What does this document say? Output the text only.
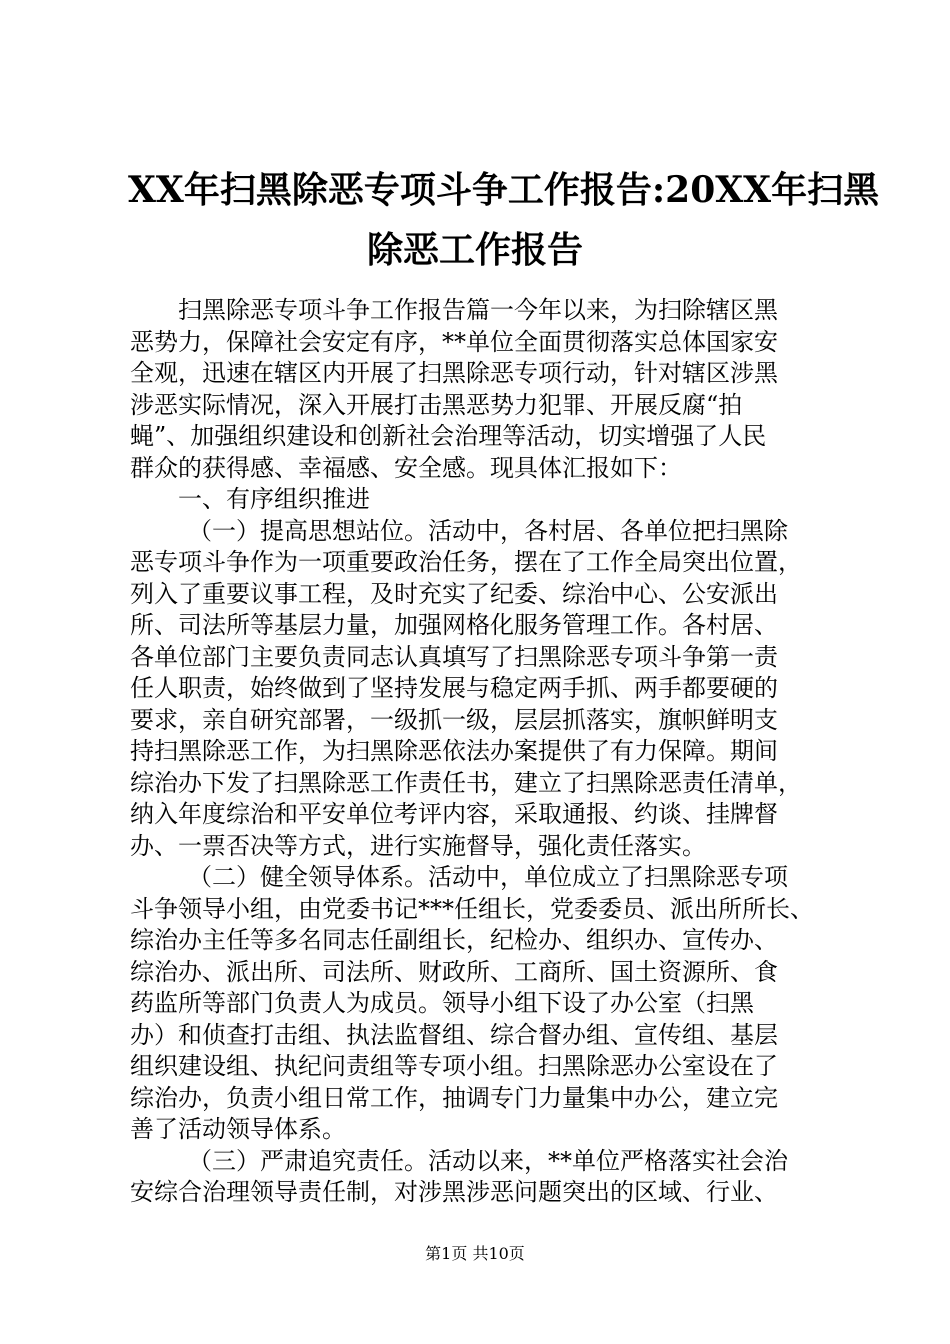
XX年扫黑除恶专项斗争工作报告:20XX年扫黑
除恶工作报告
扫黑除恶专项斗争工作报告篇一今年以来，为扫除辖区黑
恶势力，保障社会安定有序，**单位全面贯彻落实总体国家安
全观，迅速在辖区内开展了扫黑除恶专项行动，针对辖区涉黑
涉恶实际情况，深入开展打击黑恶势力犯罪、开展反腐“拍
蝇”、加强组织建设和创新社会治理等活动，切实增强了人民
群众的获得感、幸福感、安全感。现具体汇报如下：
一、有序组织推进
（一）提高思想站位。活动中，各村居、各单位把扫黑除
恶专项斗争作为一项重要政治任务，摆在了工作全局突出位置，
列入了重要议事工程，及时充实了纪委、综治中心、公安派出
所、司法所等基层力量，加强网格化服务管理工作。各村居、
各单位部门主要负责同志认真填写了扫黑除恶专项斗争第一责
任人职责，始终做到了坚持发展与稳定两手抓、两手都要硬的
要求，亲自研究部署，一级抓一级，层层抓落实，旗帜鲜明支
持扫黑除恶工作，为扫黑除恶依法办案提供了有力保障。期间
综治办下发了扫黑除恶工作责任书，建立了扫黑除恶责任清单，
纳入年度综治和平安单位考评内容，采取通报、约谈、挂牌督
办、一票否决等方式，进行实施督导，强化责任落实。
（二）健全领导体系。活动中，单位成立了扫黑除恶专项
斗争领导小组，由党委书记***任组长，党委委员、派出所所长、
综治办主任等多名同志任副组长，纪检办、组织办、宣传办、
综治办、派出所、司法所、财政所、工商所、国土资源所、食
药监所等部门负责人为成员。领导小组下设了办公室（扫黑
办）和侦查打击组、执法监督组、综合督办组、宣传组、基层
组织建设组、执纪问责组等专项小组。扫黑除恶办公室设在了
综治办，负责小组日常工作，抽调专门力量集中办公，建立完
善了活动领导体系。
（三）严肃追究责任。活动以来，**单位严格落实社会治
安综合治理领导责任制，对涉黑涉恶问题突出的区域、行业、
第1页 共10页
